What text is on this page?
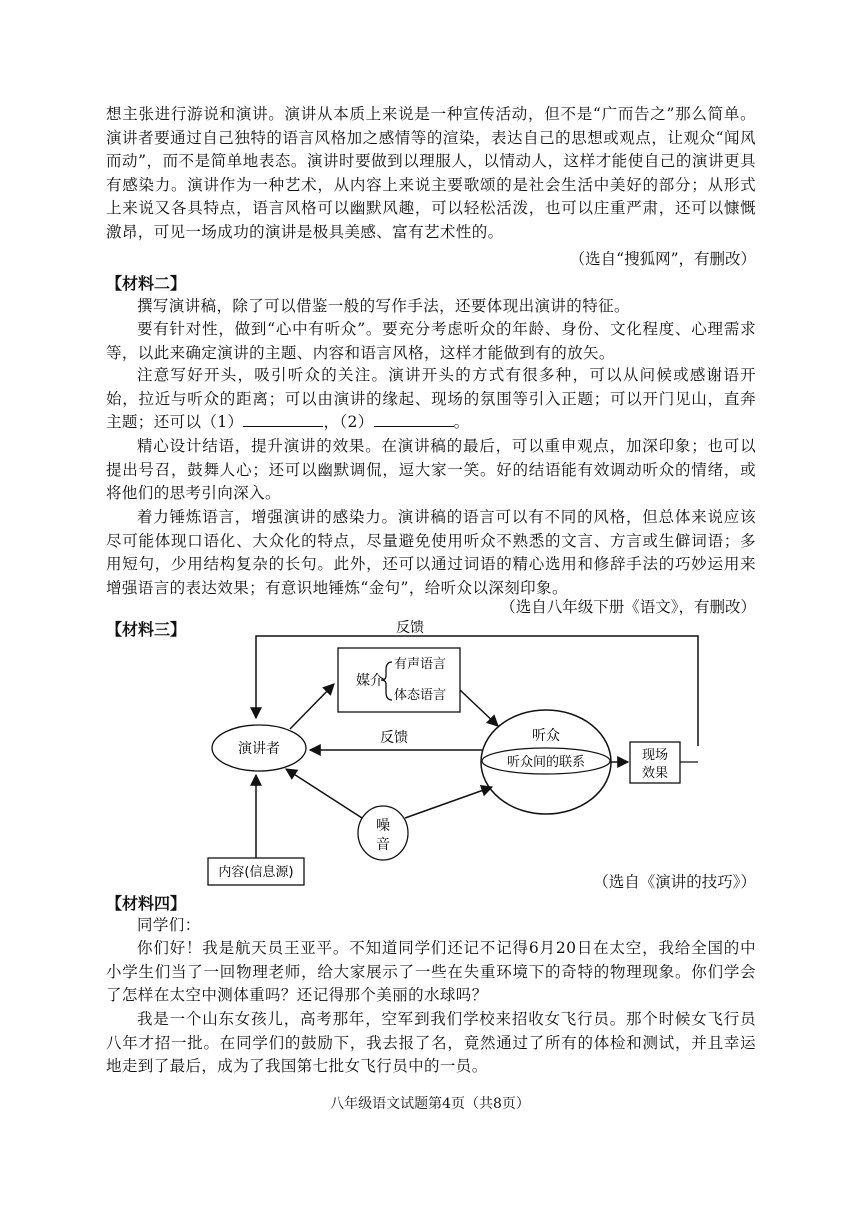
想主张进行游说和演讲。演讲从本质上来说是一种宣传活动，但不是“广而告之”那么简单。演讲者要通过自己独特的语言风格加之感情等的渲染，表达自己的思想或观点，让观众“闻风而动”，而不是简单地表态。演讲时要做到以理服人，以情动人，这样才能使自己的演讲更具有感染力。演讲作为一种艺术，从内容上来说主要歌颂的是社会生活中美好的部分；从形式上来说又各具特点，语言风格可以幽默风趣，可以轻松活泼，也可以庄重严肃，还可以慷慨激昂，可见一场成功的演讲是极具美感、富有艺术性的。
（选自“搜狐网”，有删改）
【材料二】
撰写演讲稿，除了可以借鉴一般的写作手法，还要体现出演讲的特征。
要有针对性，做到“心中有听众”。要充分考虑听众的年龄、身份、文化程度、心理需求等，以此来确定演讲的主题、内容和语言风格，这样才能做到有的放矢。
注意写好开头，吸引听众的关注。演讲开头的方式有很多种，可以从问候或感谢语开始，拉近与听众的距离；可以由演讲的缘起、现场的氛围等引入正题；可以开门见山，直奔主题；还可以（1）	，（2）	。
精心设计结语，提升演讲的效果。在演讲稿的最后，可以重申观点，加深印象；也可以提出号召，鼓舞人心；还可以幽默调侃，逗大家一笑。好的结语能有效调动听众的情绪，或将他们的思考引向深入。
着力锤炼语言，增强演讲的感染力。演讲稿的语言可以有不同的风格，但总体来说应该尽可能体现口语化、大众化的特点，尽量避免使用听众不熟悉的文言、方言或生僻词语；多用短句，少用结构复杂的长句。此外，还可以通过词语的精心选用和修辞手法的巧妙运用来增强语言的表达效果；有意识地锤炼“金句”，给听众以深刻印象。
（选自八年级下册《语文》，有删改）
【材料三】	反馈
媒介
有声语言
体态语言
演讲者
反馈	听众
听众间的联系	现场
效果
噪
音
内容(信息源)
（选自《演讲的技巧》）
【材料四】
同学们：
你们好！我是航天员王亚平。不知道同学们还记不记得6月20日在太空，我给全国的中小学生们当了一回物理老师，给大家展示了一些在失重环境下的奇特的物理现象。你们学会了怎样在太空中测体重吗？还记得那个美丽的水球吗？
我是一个山东女孩儿，高考那年，空军到我们学校来招收女飞行员。那个时候女飞行员八年才招一批。在同学们的鼓励下，我去报了名，竟然通过了所有的体检和测试，并且幸运地走到了最后，成为了我国第七批女飞行员中的一员。
八年级语文试题第4页（共8页）
